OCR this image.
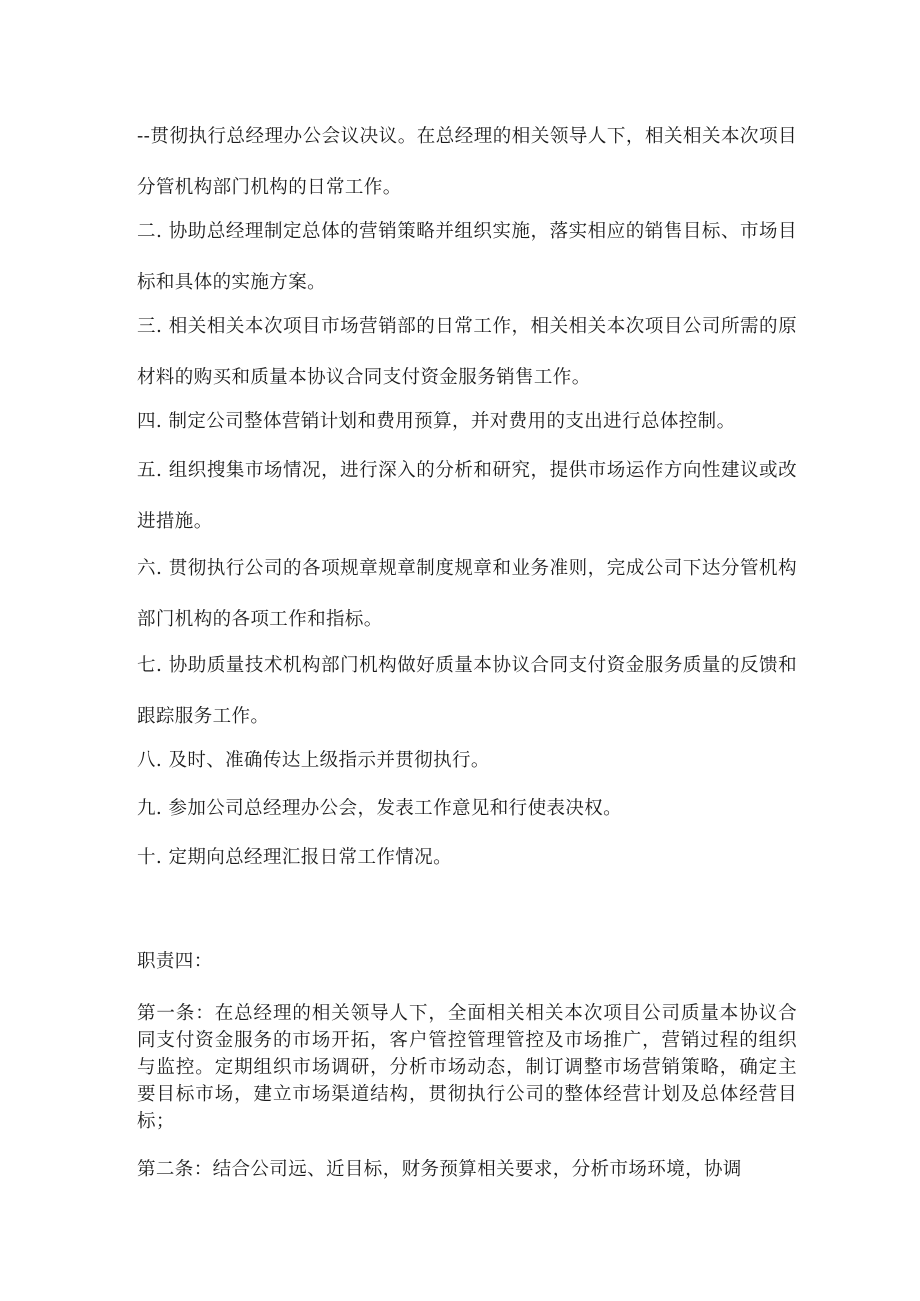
--贯彻执行总经理办公会议决议。在总经理的相关领导人下，相关相关本次项目分管机构部门机构的日常工作。

二. 协助总经理制定总体的营销策略并组织实施，落实相应的销售目标、市场目标和具体的实施方案。

三. 相关相关本次项目市场营销部的日常工作，相关相关本次项目公司所需的原材料的购买和质量本协议合同支付资金服务销售工作。

四. 制定公司整体营销计划和费用预算，并对费用的支出进行总体控制。

五. 组织搜集市场情况，进行深入的分析和研究，提供市场运作方向性建议或改进措施。

六. 贯彻执行公司的各项规章规章制度规章和业务准则，完成公司下达分管机构部门机构的各项工作和指标。

七. 协助质量技术机构部门机构做好质量本协议合同支付资金服务质量的反馈和跟踪服务工作。

八. 及时、准确传达上级指示并贯彻执行。

九. 参加公司总经理办公会，发表工作意见和行使表决权。

十. 定期向总经理汇报日常工作情况。

职责四：

第一条：在总经理的相关领导人下，全面相关相关本次项目公司质量本协议合同支付资金服务的市场开拓，客户管控管理管控及市场推广，营销过程的组织与监控。定期组织市场调研，分析市场动态，制订调整市场营销策略，确定主要目标市场，建立市场渠道结构，贯彻执行公司的整体经营计划及总体经营目标；

第二条：结合公司远、近目标，财务预算相关要求，分析市场环境，协调
